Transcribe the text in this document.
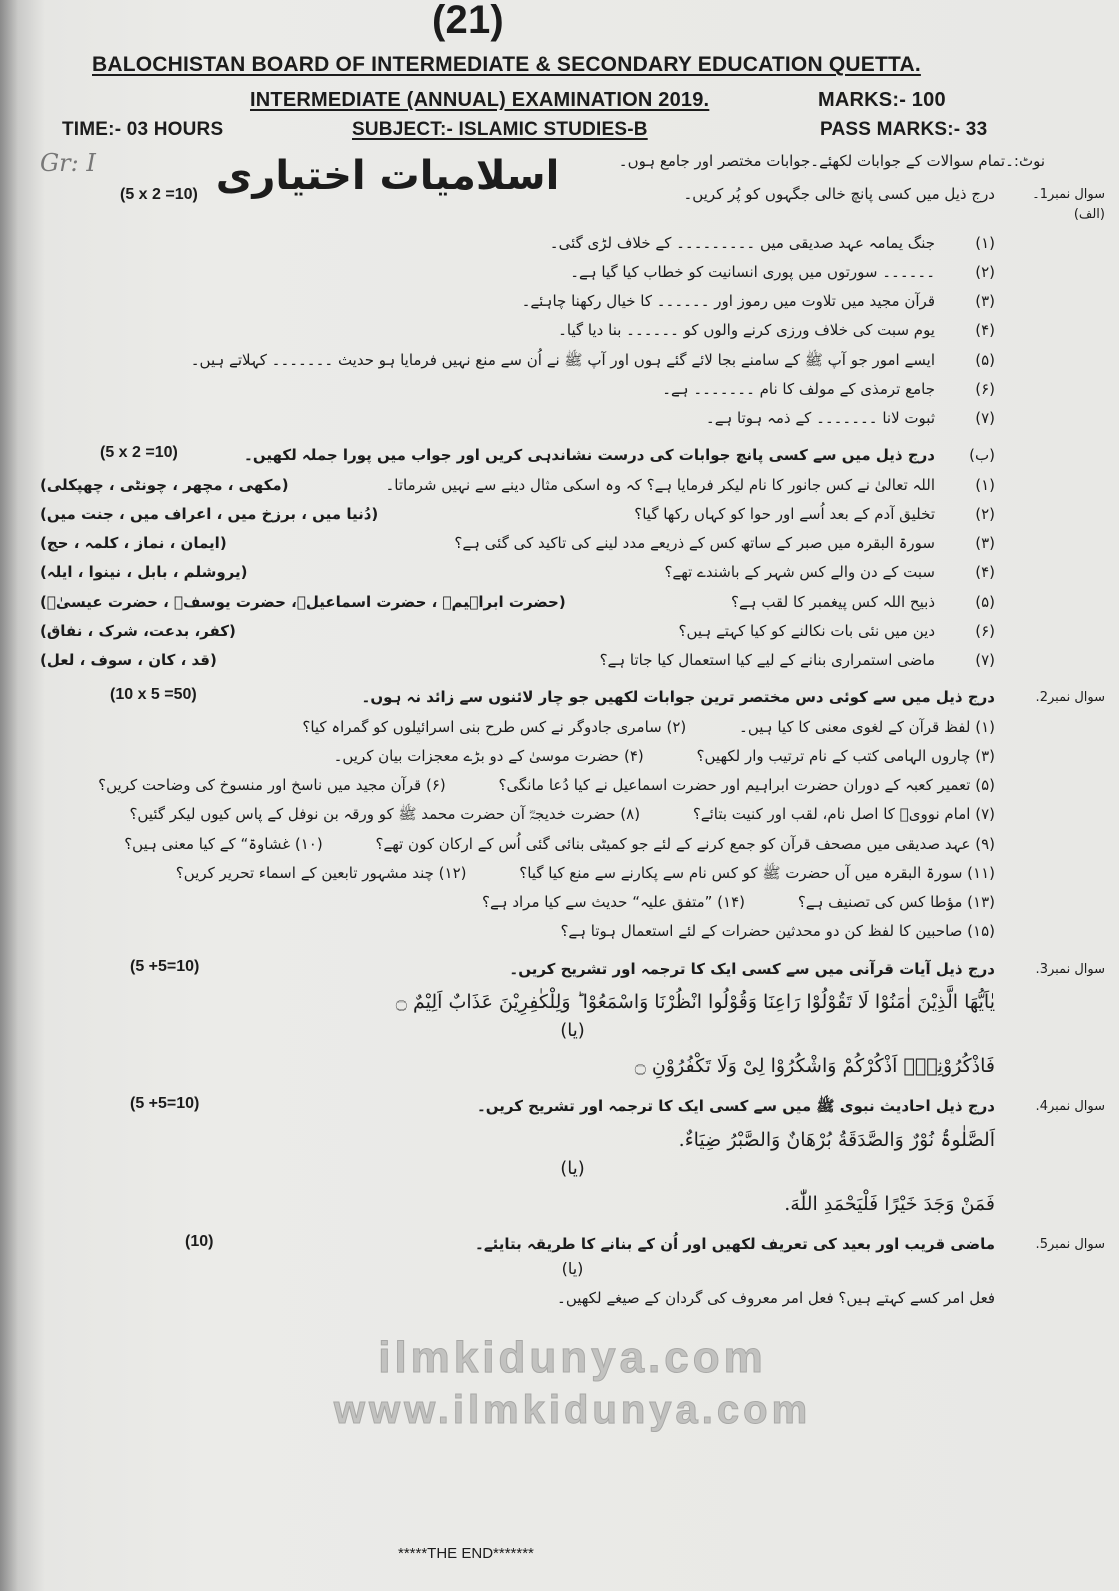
(21)
BALOCHISTAN BOARD OF INTERMEDIATE & SECONDARY EDUCATION QUETTA.
INTERMEDIATE (ANNUAL) EXAMINATION 2019.	MARKS:- 100
TIME:- 03 HOURS	SUBJECT:- ISLAMIC STUDIES-B	PASS MARKS:- 33
نوٹ:۔تمام سوالات کے جوابات لکھئے۔جوابات مختصر اور جامع ہوں۔
سوال نمبر1۔(الف)
درج ذیل میں کسی پانچ خالی جگہوں کو پُر کریں۔
اسلامیات اختیاری
Gr: I
(5 x 2 =10)
(۱)
جنگ یمامہ عہد صدیقی میں ۔۔۔۔۔۔۔۔۔ کے خلاف لڑی گئی۔
(۲)
۔۔۔۔۔۔ سورتوں میں پوری انسانیت کو خطاب کیا گیا ہے۔
(۳)
قرآن مجید میں تلاوت میں رموز اور ۔۔۔۔۔۔ کا خیال رکھنا چاہئے۔
(۴)
یوم سبت کی خلاف ورزی کرنے والوں کو ۔۔۔۔۔۔ بنا دیا گیا۔
(۵)
ایسے امور جو آپ ﷺ کے سامنے بجا لائے گئے ہوں اور آپ ﷺ نے اُن سے منع نہیں فرمایا ہو حدیث ۔۔۔۔۔۔۔ کہلاتے ہیں۔
(۶)
جامع ترمذی کے مولف کا نام ۔۔۔۔۔۔۔ ہے۔
(۷)
ثبوت لانا ۔۔۔۔۔۔۔ کے ذمہ ہوتا ہے۔
(ب)
درج ذیل میں سے کسی پانچ جوابات کی درست نشاندہی کریں اور جواب میں پورا جملہ لکھیں۔
(5 x 2 =10)
(۱)
اللہ تعالیٰ نے کس جانور کا نام لیکر فرمایا ہے؟ کہ وہ اسکی مثال دینے سے نہیں شرماتا۔
(مکھی ، مچھر ، چونٹی ، چھپکلی)
(۲)
تخلیق آدم کے بعد اُسے اور حوا کو کہاں رکھا گیا؟
(دُنیا میں ، برزخ میں ، اعراف میں ، جنت میں)
(۳)
سورۃ البقرہ میں صبر کے ساتھ کس کے ذریعے مدد لینے کی تاکید کی گئی ہے؟
(ایمان ، نماز ، کلمہ ، حج)
(۴)
سبت کے دن والے کس شہر کے باشندے تھے؟
(یروشلم ، بابل ، نینوا ، ایلہ)
(۵)
ذبیح اللہ کس پیغمبر کا لقب ہے؟
(حضرت ابراہیمؑ ، حضرت اسماعیلؑ، حضرت یوسفؑ ، حضرت عیسیٰؑ)
(۶)
دین میں نئی بات نکالنے کو کیا کہتے ہیں؟
(کفر، بدعت، شرک ، نفاق)
(۷)
ماضی استمراری بنانے کے لیے کیا استعمال کیا جاتا ہے؟
(قد ، کان ، سوف ، لعل)
سوال نمبر2.
درج ذیل میں سے کوئی دس مختصر ترین جوابات لکھیں جو چار لائنوں سے زائد نہ ہوں۔
(10 x 5 =50)
(۱) لفظ قرآن کے لغوی معنی کا کیا ہیں۔ (۲) سامری جادوگر نے کس طرح بنی اسرائیلوں کو گمراہ کیا؟
(۳) چاروں الہامی کتب کے نام ترتیب وار لکھیں؟ (۴) حضرت موسیٰ کے دو بڑے معجزات بیان کریں۔
(۵) تعمیر کعبہ کے دوران حضرت ابراہیم اور حضرت اسماعیل نے کیا دُعا مانگی؟ (۶) قرآن مجید میں ناسخ اور منسوخ کی وضاحت کریں؟
(۷) امام نوویؒ کا اصل نام، لقب اور کنیت بتائے؟ (۸) حضرت خدیجہؓ آن حضرت محمد ﷺ کو ورقہ بن نوفل کے پاس کیوں لیکر گئیں؟
(۹) عہد صدیقی میں مصحف قرآن کو جمع کرنے کے لئے جو کمیٹی بنائی گئی اُس کے ارکان کون تھے؟ (۱۰) غشاوۃ“ کے کیا معنی ہیں؟
(۱۱) سورۃ البقرہ میں آں حضرت ﷺ کو کس نام سے پکارنے سے منع کیا گیا؟ (۱۲) چند مشہور تابعین کے اسماء تحریر کریں؟
(۱۳) مؤطا کس کی تصنیف ہے؟ (۱۴) ”متفق علیہ“ حدیث سے کیا مراد ہے؟
(۱۵) صاحبین کا لفظ کن دو محدثین حضرات کے لئے استعمال ہوتا ہے؟
سوال نمبر3.
درج ذیل آیات قرآنی میں سے کسی ایک کا ترجمہ اور تشریح کریں۔
(5 +5=10)
یٰاَیُّهَا الَّذِیْنَ اٰمَنُوْا لَا تَقُوْلُوْا رَاعِنَا وَقُوْلُوا انْظُرْنَا وَاسْمَعُوْا ؕ وَلِلْكٰفِرِیْنَ عَذَابٌ اَلِیْمٌ ۝
(یا)
فَاذْكُرُوْنِیْۤ اَذْكُرْكُمْ وَاشْكُرُوْا لِیْ وَلَا تَكْفُرُوْنِ ۝
سوال نمبر4.
درج ذیل احادیث نبوی ﷺ میں سے کسی ایک کا ترجمہ اور تشریح کریں۔
(5 +5=10)
اَلصَّلٰوۃُ نُوْرٌ وَالصَّدَقَةُ بُرْهَانٌ وَالصَّبْرُ ضِیَاءٌ.
(یا)
فَمَنْ وَجَدَ خَیْرًا فَلْیَحْمَدِ اللّٰهَ.
سوال نمبر5.
ماضی قریب اور بعید کی تعریف لکھیں اور اُن کے بنانے کا طریقہ بتایئے۔
(10)
(یا)
فعل امر کسے کہتے ہیں؟ فعل امر معروف کی گردان کے صیغے لکھیں۔
ilmkidunya.com
www.ilmkidunya.com
*****THE END*******
